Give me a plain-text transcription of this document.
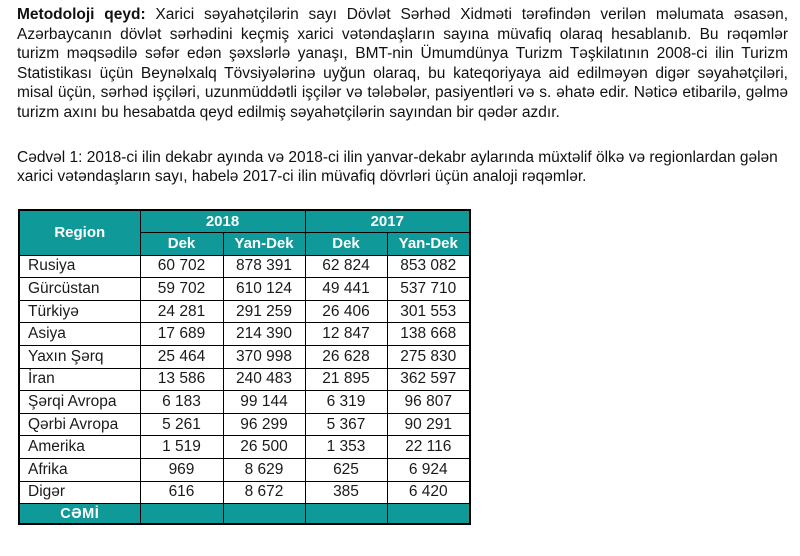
Metodoloji qeyd: Xarici səyahətçilərin sayı Dövlət Sərhəd Xidməti tərəfindən verilən məlumata əsasən, Azərbaycanın dövlət sərhədini keçmiş xarici vətəndaşların sayına müvafiq olaraq hesablanıb. Bu rəqəmlər turizm məqsədilə səfər edən şəxslərlə yanaşı, BMT-nin Ümumdünya Turizm Təşkilatının 2008-ci ilin Turizm Statistikası üçün Beynəlxalq Tövsiyələrinə uyğun olaraq, bu kateqoriyaya aid edilməyən digər səyahətçiləri, misal üçün, sərhəd işçiləri, uzunmüddətli işçilər və tələbələr, pasiyentləri və s. əhatə edir. Nəticə etibarilə, gəlmə turizm axını bu hesabatda qeyd edilmiş səyahətçilərin sayından bir qədər azdır.

Cədvəl 1: 2018-ci ilin dekabr ayında və 2018-ci ilin yanvar-dekabr aylarında müxtəlif ölkə və regionlardan gələn xarici vətəndaşların sayı, habelə 2017-ci ilin müvafiq dövrləri üçün analoji rəqəmlər.

Region	2018		2017	
	Dek	Yan-Dek	Dek	Yan-Dek
Rusiya	60 702	878 391	62 824	853 082
Gürcüstan	59 702	610 124	49 441	537 710
Türkiyə	24 281	291 259	26 406	301 553
Asiya	17 689	214 390	12 847	138 668
Yaxın Şərq	25 464	370 998	26 628	275 830
İran	13 586	240 483	21 895	362 597
Şərqi Avropa	6 183	99 144	6 319	96 807
Qərbi Avropa	5 261	96 299	5 367	90 291
Amerika	1 519	26 500	1 353	22 116
Afrika	969	8 629	625	6 924
Digər	616	8 672	385	6 420
CƏMİ				
